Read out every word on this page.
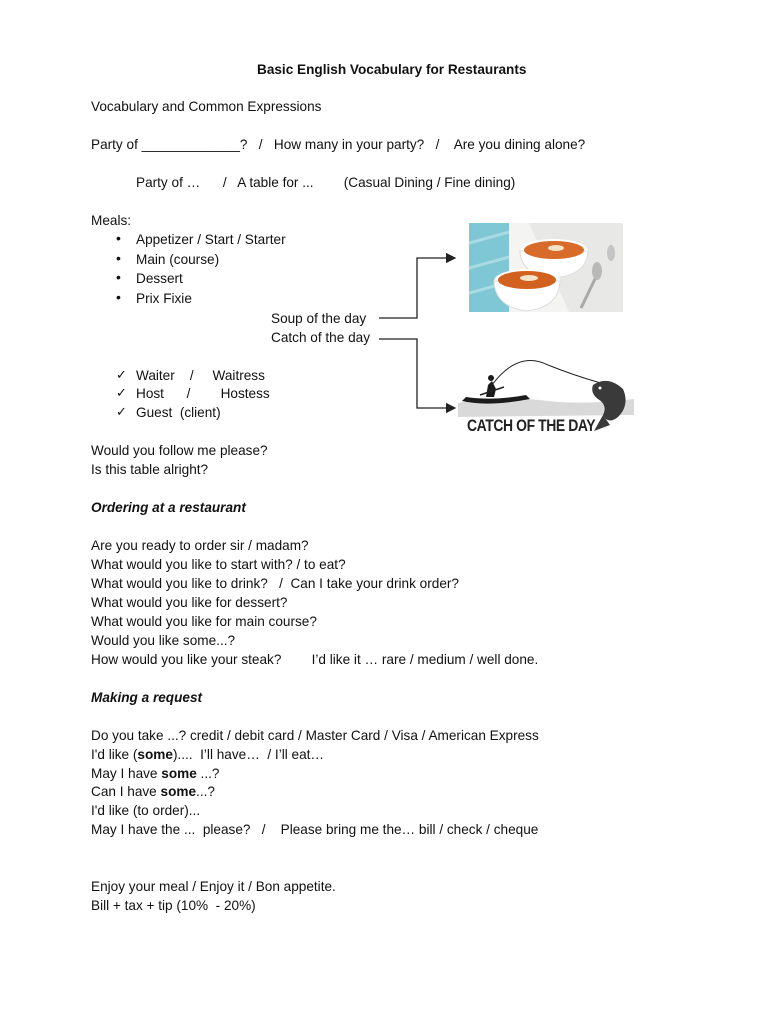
Basic English Vocabulary for Restaurants
Vocabulary and Common Expressions
Party of _____________?   /   How many in your party?   /    Are you dining alone?
Party of …      /   A table for ...        (Casual Dining / Fine dining)
Meals:
• Appetizer / Start / Starter
• Main (course)
• Dessert
• Prix Fixie
Soup of the day
Catch of the day
CATCH OF THE DAY
✓ Waiter    /     Waitress
✓ Host      /        Hostess
✓ Guest  (client)
Would you follow me please?
Is this table alright?
Ordering at a restaurant
Are you ready to order sir / madam?
What would you like to start with? / to eat?
What would you like to drink?   /  Can I take your drink order?
What would you like for dessert?
What would you like for main course?
Would you like some...?
How would you like your steak?        I’d like it … rare / medium / well done.
Making a request
Do you take ...? credit / debit card / Master Card / Visa / American Express
I'd like (some)....  I’ll have…  / I’ll eat…
May I have some ...?
Can I have some...?
I'd like (to order)...
May I have the ...  please?   /    Please bring me the… bill / check / cheque
Enjoy your meal / Enjoy it / Bon appetite.
Bill + tax + tip (10%  - 20%)
